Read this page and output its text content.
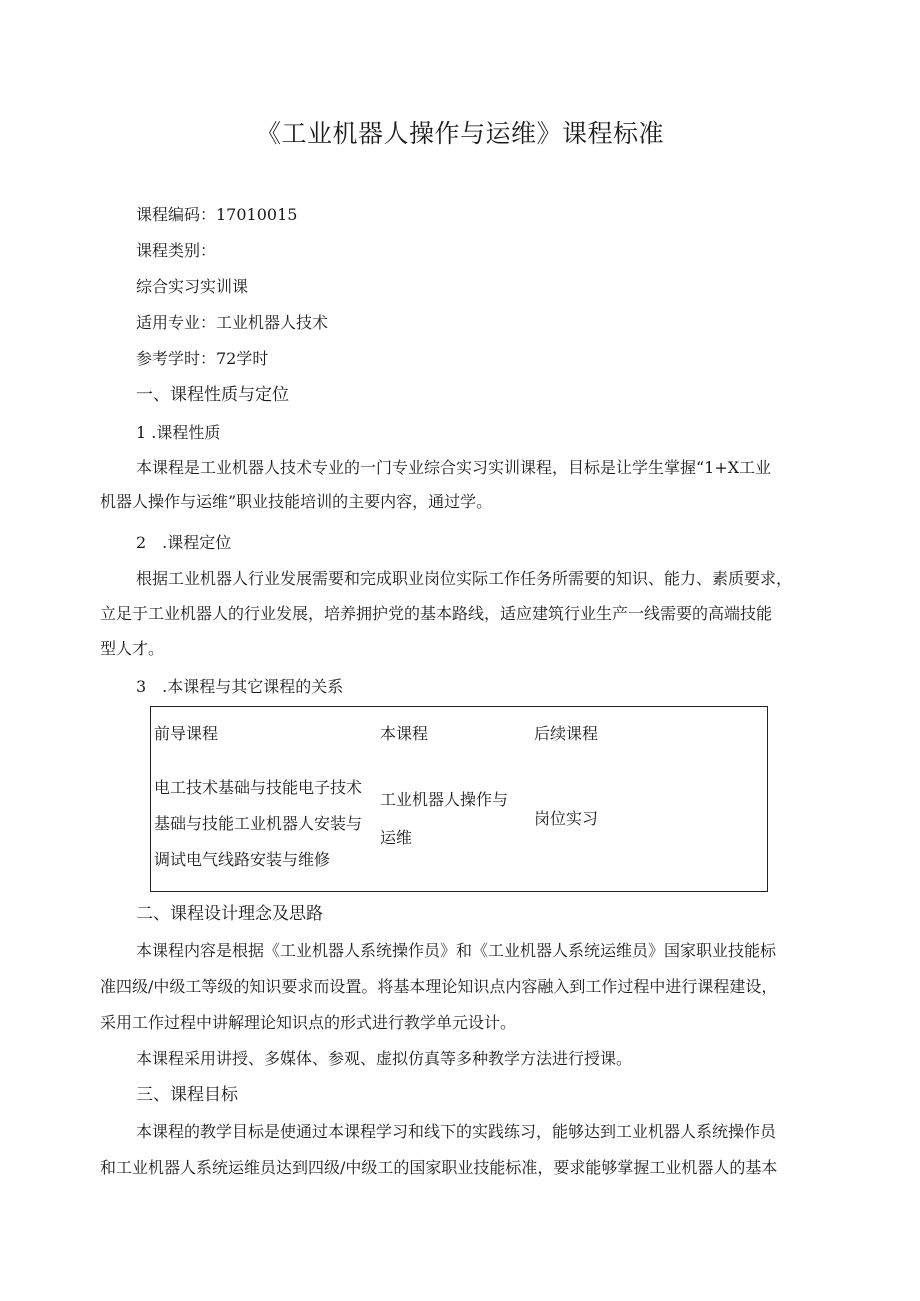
《工业机器人操作与运维》课程标准
课程编码：17010015
课程类别：
综合实习实训课
适用专业：工业机器人技术
参考学时：72学时
一、课程性质与定位
1 .课程性质
本课程是工业机器人技术专业的一门专业综合实习实训课程，目标是让学生掌握“1+X工业
机器人操作与运维”职业技能培训的主要内容，通过学。
2　.课程定位
根据工业机器人行业发展需要和完成职业岗位实际工作任务所需要的知识、能力、素质要求，
立足于工业机器人的行业发展，培养拥护党的基本路线，适应建筑行业生产一线需要的高端技能
型人才。
3　.本课程与其它课程的关系
前导课程	本课程	后续课程
电工技术基础与技能电子技术
基础与技能工业机器人安装与
调试电气线路安装与维修
工业机器人操作与
运维
岗位实习
二、课程设计理念及思路
本课程内容是根据《工业机器人系统操作员》和《工业机器人系统运维员》国家职业技能标
准四级/中级工等级的知识要求而设置。将基本理论知识点内容融入到工作过程中进行课程建设，
采用工作过程中讲解理论知识点的形式进行教学单元设计。
本课程采用讲授、多媒体、参观、虚拟仿真等多种教学方法进行授课。
三、课程目标
本课程的教学目标是使通过本课程学习和线下的实践练习，能够达到工业机器人系统操作员
和工业机器人系统运维员达到四级/中级工的国家职业技能标准，要求能够掌握工业机器人的基本
